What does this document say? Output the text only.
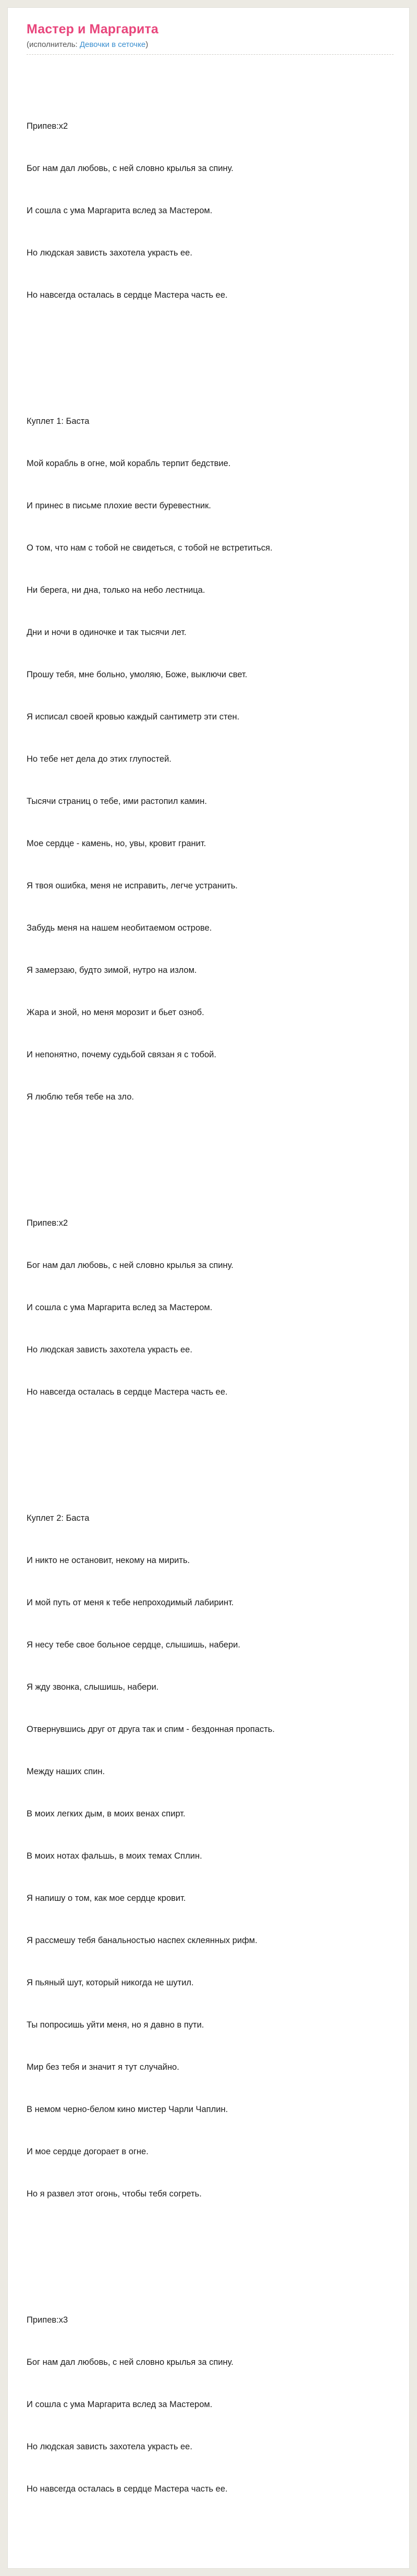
Мастер и Маргарита
(исполнитель: Девочки в сеточке)

Припев:х2

Бог нам дал любовь, с ней словно крылья за спину.

И сошла с ума Маргарита вслед за Мастером.

Но людская зависть захотела украсть ее.

Но навсегда осталась в сердце Мастера часть ее.

Куплет 1: Баста

Мой корабль в огне, мой корабль терпит бедствие.

И принес в письме плохие вести буревестник.

О том, что нам с тобой не свидеться, с тобой не встретиться.

Ни берега, ни дна, только на небо лестница.

Дни и ночи в одиночке и так тысячи лет.

Прошу тебя, мне больно, умоляю, Боже, выключи свет.

Я исписал своей кровью каждый сантиметр эти стен.

Но тебе нет дела до этих глупостей.

Тысячи страниц о тебе, ими растопил камин.

Мое сердце - камень, но, увы, кровит гранит.

Я твоя ошибка, меня не исправить, легче устранить.

Забудь меня на нашем необитаемом острове.

Я замерзаю, будто зимой, нутро на излом.

Жара и зной, но меня морозит и бьет озноб.

И непонятно, почему судьбой связан я с тобой.

Я люблю тебя тебе на зло.

Припев:х2

Бог нам дал любовь, с ней словно крылья за спину.

И сошла с ума Маргарита вслед за Мастером.

Но людская зависть захотела украсть ее.

Но навсегда осталась в сердце Мастера часть ее.

Куплет 2: Баста

И никто не остановит, некому на мирить.

И мой путь от меня к тебе непроходимый лабиринт.

Я несу тебе свое больное сердце, слышишь, набери.

Я жду звонка, слышишь, набери.

Отвернувшись друг от друга так и спим - бездонная пропасть.

Между наших спин.

В моих легких дым, в моих венах спирт.

В моих нотах фальшь, в моих темах Сплин.

Я напишу о том, как мое сердце кровит.

Я рассмешу тебя банальностью наспех склеянных рифм.

Я пьяный шут, который никогда не шутил.

Ты попросишь уйти меня, но я давно в пути.

Мир без тебя и значит я тут случайно.

В немом черно-белом кино мистер Чарли Чаплин.

И мое сердце догорает в огне.

Но я развел этот огонь, чтобы тебя согреть.

Припев:х3

Бог нам дал любовь, с ней словно крылья за спину.

И сошла с ума Маргарита вслед за Мастером.

Но людская зависть захотела украсть ее.

Но навсегда осталась в сердце Мастера часть ее.
